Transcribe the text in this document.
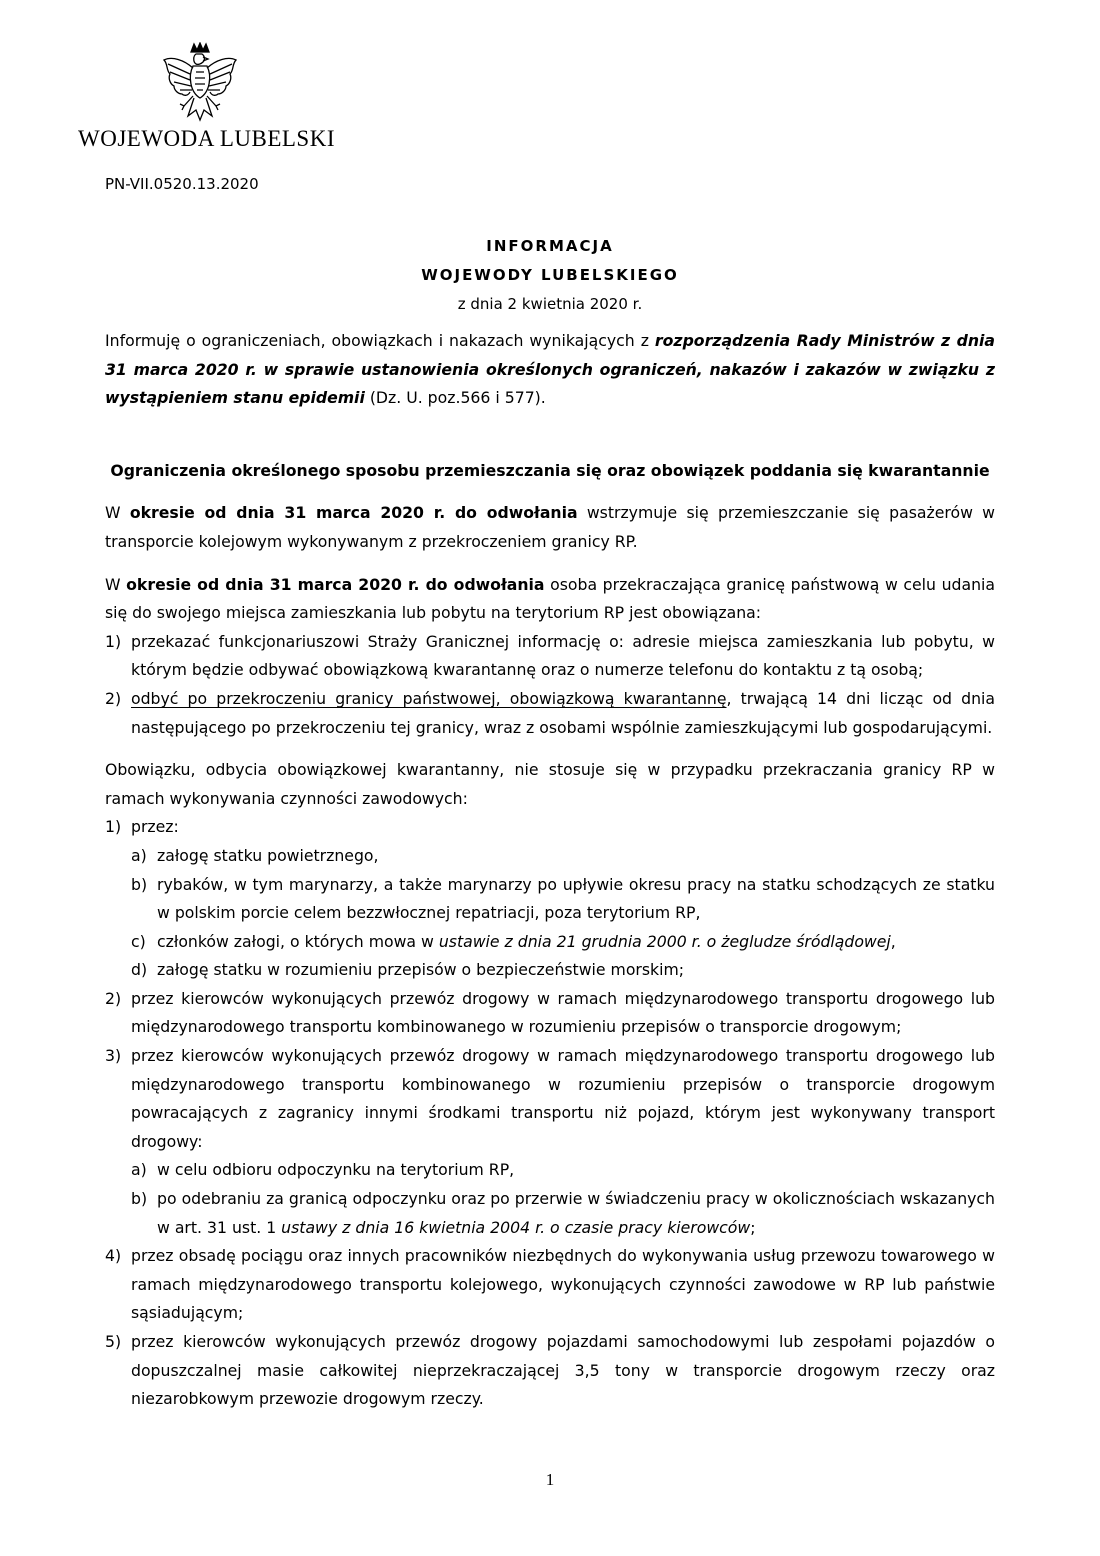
WOJEWODA LUBELSKI
PN-VII.0520.13.2020
INFORMACJA
WOJEWODY LUBELSKIEGO
z dnia 2 kwietnia 2020 r.

Informuję o ograniczeniach, obowiązkach i nakazach wynikających z rozporządzenia Rady Ministrów z dnia 31 marca 2020 r. w sprawie ustanowienia określonych ograniczeń, nakazów i zakazów w związku z wystąpieniem stanu epidemii (Dz. U. poz.566 i 577).

Ograniczenia określonego sposobu przemieszczania się oraz obowiązek poddania się kwarantannie

W okresie od dnia 31 marca 2020 r. do odwołania wstrzymuje się przemieszczanie się pasażerów w transporcie kolejowym wykonywanym z przekroczeniem granicy RP.

W okresie od dnia 31 marca 2020 r. do odwołania osoba przekraczająca granicę państwową w celu udania się do swojego miejsca zamieszkania lub pobytu na terytorium RP jest obowiązana:

1) przekazać funkcjonariuszowi Straży Granicznej informację o: adresie miejsca zamieszkania lub pobytu, w którym będzie odbywać obowiązkową kwarantannę oraz o numerze telefonu do kontaktu z tą osobą;
2) odbyć po przekroczeniu granicy państwowej, obowiązkową kwarantannę, trwającą 14 dni licząc od dnia następującego po przekroczeniu tej granicy, wraz z osobami wspólnie zamieszkującymi lub gospodarującymi.

Obowiązku, odbycia obowiązkowej kwarantanny, nie stosuje się w przypadku przekraczania granicy RP w ramach wykonywania czynności zawodowych:

1) przez:
a) załogę statku powietrznego,
b) rybaków, w tym marynarzy, a także marynarzy po upływie okresu pracy na statku schodzących ze statku w polskim porcie celem bezzwłocznej repatriacji, poza terytorium RP,
c) członków załogi, o których mowa w ustawie z dnia 21 grudnia 2000 r. o żegludze śródlądowej,
d) załogę statku w rozumieniu przepisów o bezpieczeństwie morskim;
2) przez kierowców wykonujących przewóz drogowy w ramach międzynarodowego transportu drogowego lub międzynarodowego transportu kombinowanego w rozumieniu przepisów o transporcie drogowym;
3) przez kierowców wykonujących przewóz drogowy w ramach międzynarodowego transportu drogowego lub międzynarodowego transportu kombinowanego w rozumieniu przepisów o transporcie drogowym powracających z zagranicy innymi środkami transportu niż pojazd, którym jest wykonywany transport drogowy:
a) w celu odbioru odpoczynku na terytorium RP,
b) po odebraniu za granicą odpoczynku oraz po przerwie w świadczeniu pracy w okolicznościach wskazanych w art. 31 ust. 1 ustawy z dnia 16 kwietnia 2004 r. o czasie pracy kierowców;
4) przez obsadę pociągu oraz innych pracowników niezbędnych do wykonywania usług przewozu towarowego w ramach międzynarodowego transportu kolejowego, wykonujących czynności zawodowe w RP lub państwie sąsiadującym;
5) przez kierowców wykonujących przewóz drogowy pojazdami samochodowymi lub zespołami pojazdów o dopuszczalnej masie całkowitej nieprzekraczającej 3,5 tony w transporcie drogowym rzeczy oraz niezarobkowym przewozie drogowym rzeczy.
1
